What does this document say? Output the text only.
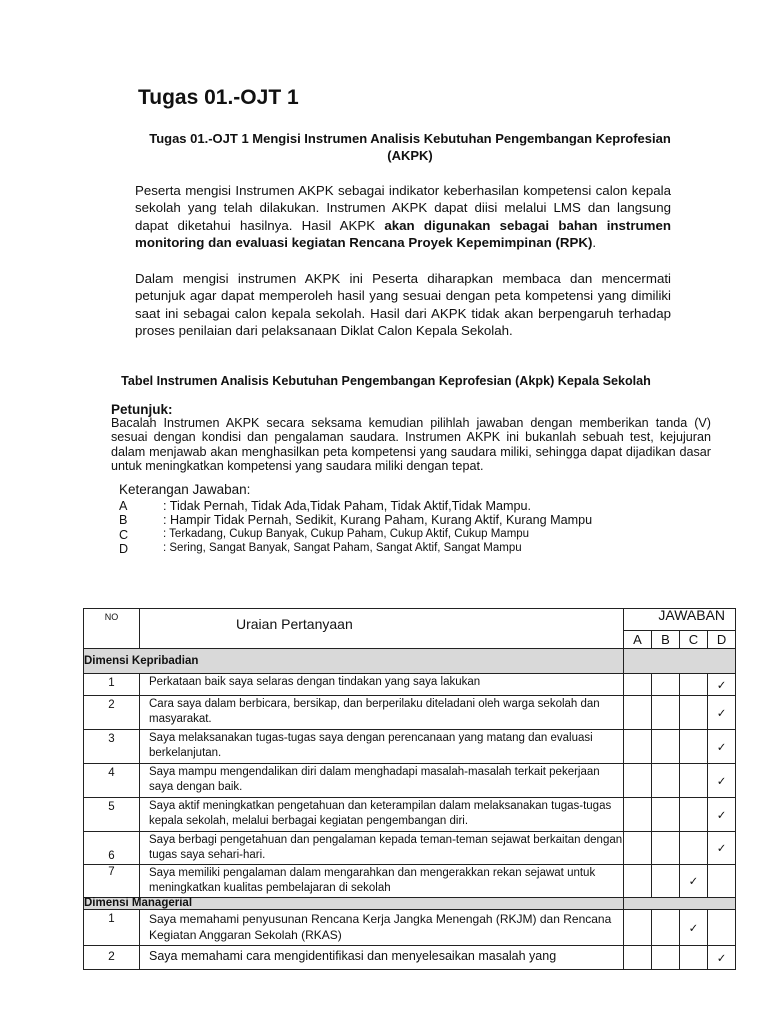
Tugas 01.-OJT 1
Tugas 01.-OJT 1 Mengisi Instrumen Analisis Kebutuhan Pengembangan Keprofesian (AKPK)
Peserta mengisi Instrumen AKPK sebagai indikator keberhasilan kompetensi calon kepala sekolah yang telah dilakukan. Instrumen AKPK dapat diisi melalui LMS dan langsung dapat diketahui hasilnya. Hasil AKPK akan digunakan sebagai bahan instrumen monitoring dan evaluasi kegiatan Rencana Proyek Kepemimpinan (RPK).
Dalam mengisi instrumen AKPK ini Peserta diharapkan membaca dan mencermati petunjuk agar dapat memperoleh hasil yang sesuai dengan peta kompetensi yang dimiliki saat ini sebagai calon kepala sekolah. Hasil dari AKPK tidak akan berpengaruh terhadap proses penilaian dari pelaksanaan Diklat Calon Kepala Sekolah.
Tabel Instrumen Analisis Kebutuhan Pengembangan Keprofesian (Akpk) Kepala Sekolah
Petunjuk:
Bacalah Instrumen AKPK secara seksama kemudian pilihlah jawaban dengan memberikan tanda (V) sesuai dengan kondisi dan pengalaman saudara. Instrumen AKPK ini bukanlah sebuah test, kejujuran dalam menjawab akan menghasilkan peta kompetensi yang saudara miliki, sehingga dapat dijadikan dasar untuk meningkatkan kompetensi yang saudara miliki dengan tepat.
Keterangan Jawaban:
A	: Tidak Pernah, Tidak Ada,Tidak Paham, Tidak Aktif,Tidak Mampu.
B	: Hampir Tidak Pernah, Sedikit, Kurang Paham, Kurang Aktif, Kurang Mampu
C	: Terkadang, Cukup Banyak, Cukup Paham, Cukup Aktif, Cukup Mampu
D	: Sering, Sangat Banyak, Sangat Paham, Sangat Aktif, Sangat Mampu
NO	Uraian Pertanyaan	JAWABAN			
		A	B	C	D
Dimensi Kepribadian					
1	Perkataan baik saya selaras dengan tindakan yang saya lakukan				✓
2	Cara saya dalam berbicara, bersikap, dan berperilaku diteladani oleh warga sekolah dan masyarakat.				✓
3	Saya melaksanakan tugas-tugas saya dengan perencanaan yang matang dan evaluasi berkelanjutan.				✓
4	Saya mampu mengendalikan diri dalam menghadapi masalah-masalah terkait pekerjaan saya dengan baik.				✓
5	Saya aktif meningkatkan pengetahuan dan keterampilan dalam melaksanakan tugas-tugas kepala sekolah, melalui berbagai kegiatan pengembangan diri.				✓
6	Saya berbagi pengetahuan dan pengalaman kepada teman-teman sejawat berkaitan dengan tugas saya sehari-hari.				✓
7	Saya memiliki pengalaman dalam mengarahkan dan mengerakkan rekan sejawat untuk meningkatkan kualitas pembelajaran di sekolah			✓	
Dimensi Managerial					
1	Saya memahami penyusunan Rencana Kerja Jangka Menengah (RKJM) dan Rencana Kegiatan Anggaran Sekolah (RKAS)			✓	
2	Saya memahami cara mengidentifikasi dan menyelesaikan masalah yang				✓
